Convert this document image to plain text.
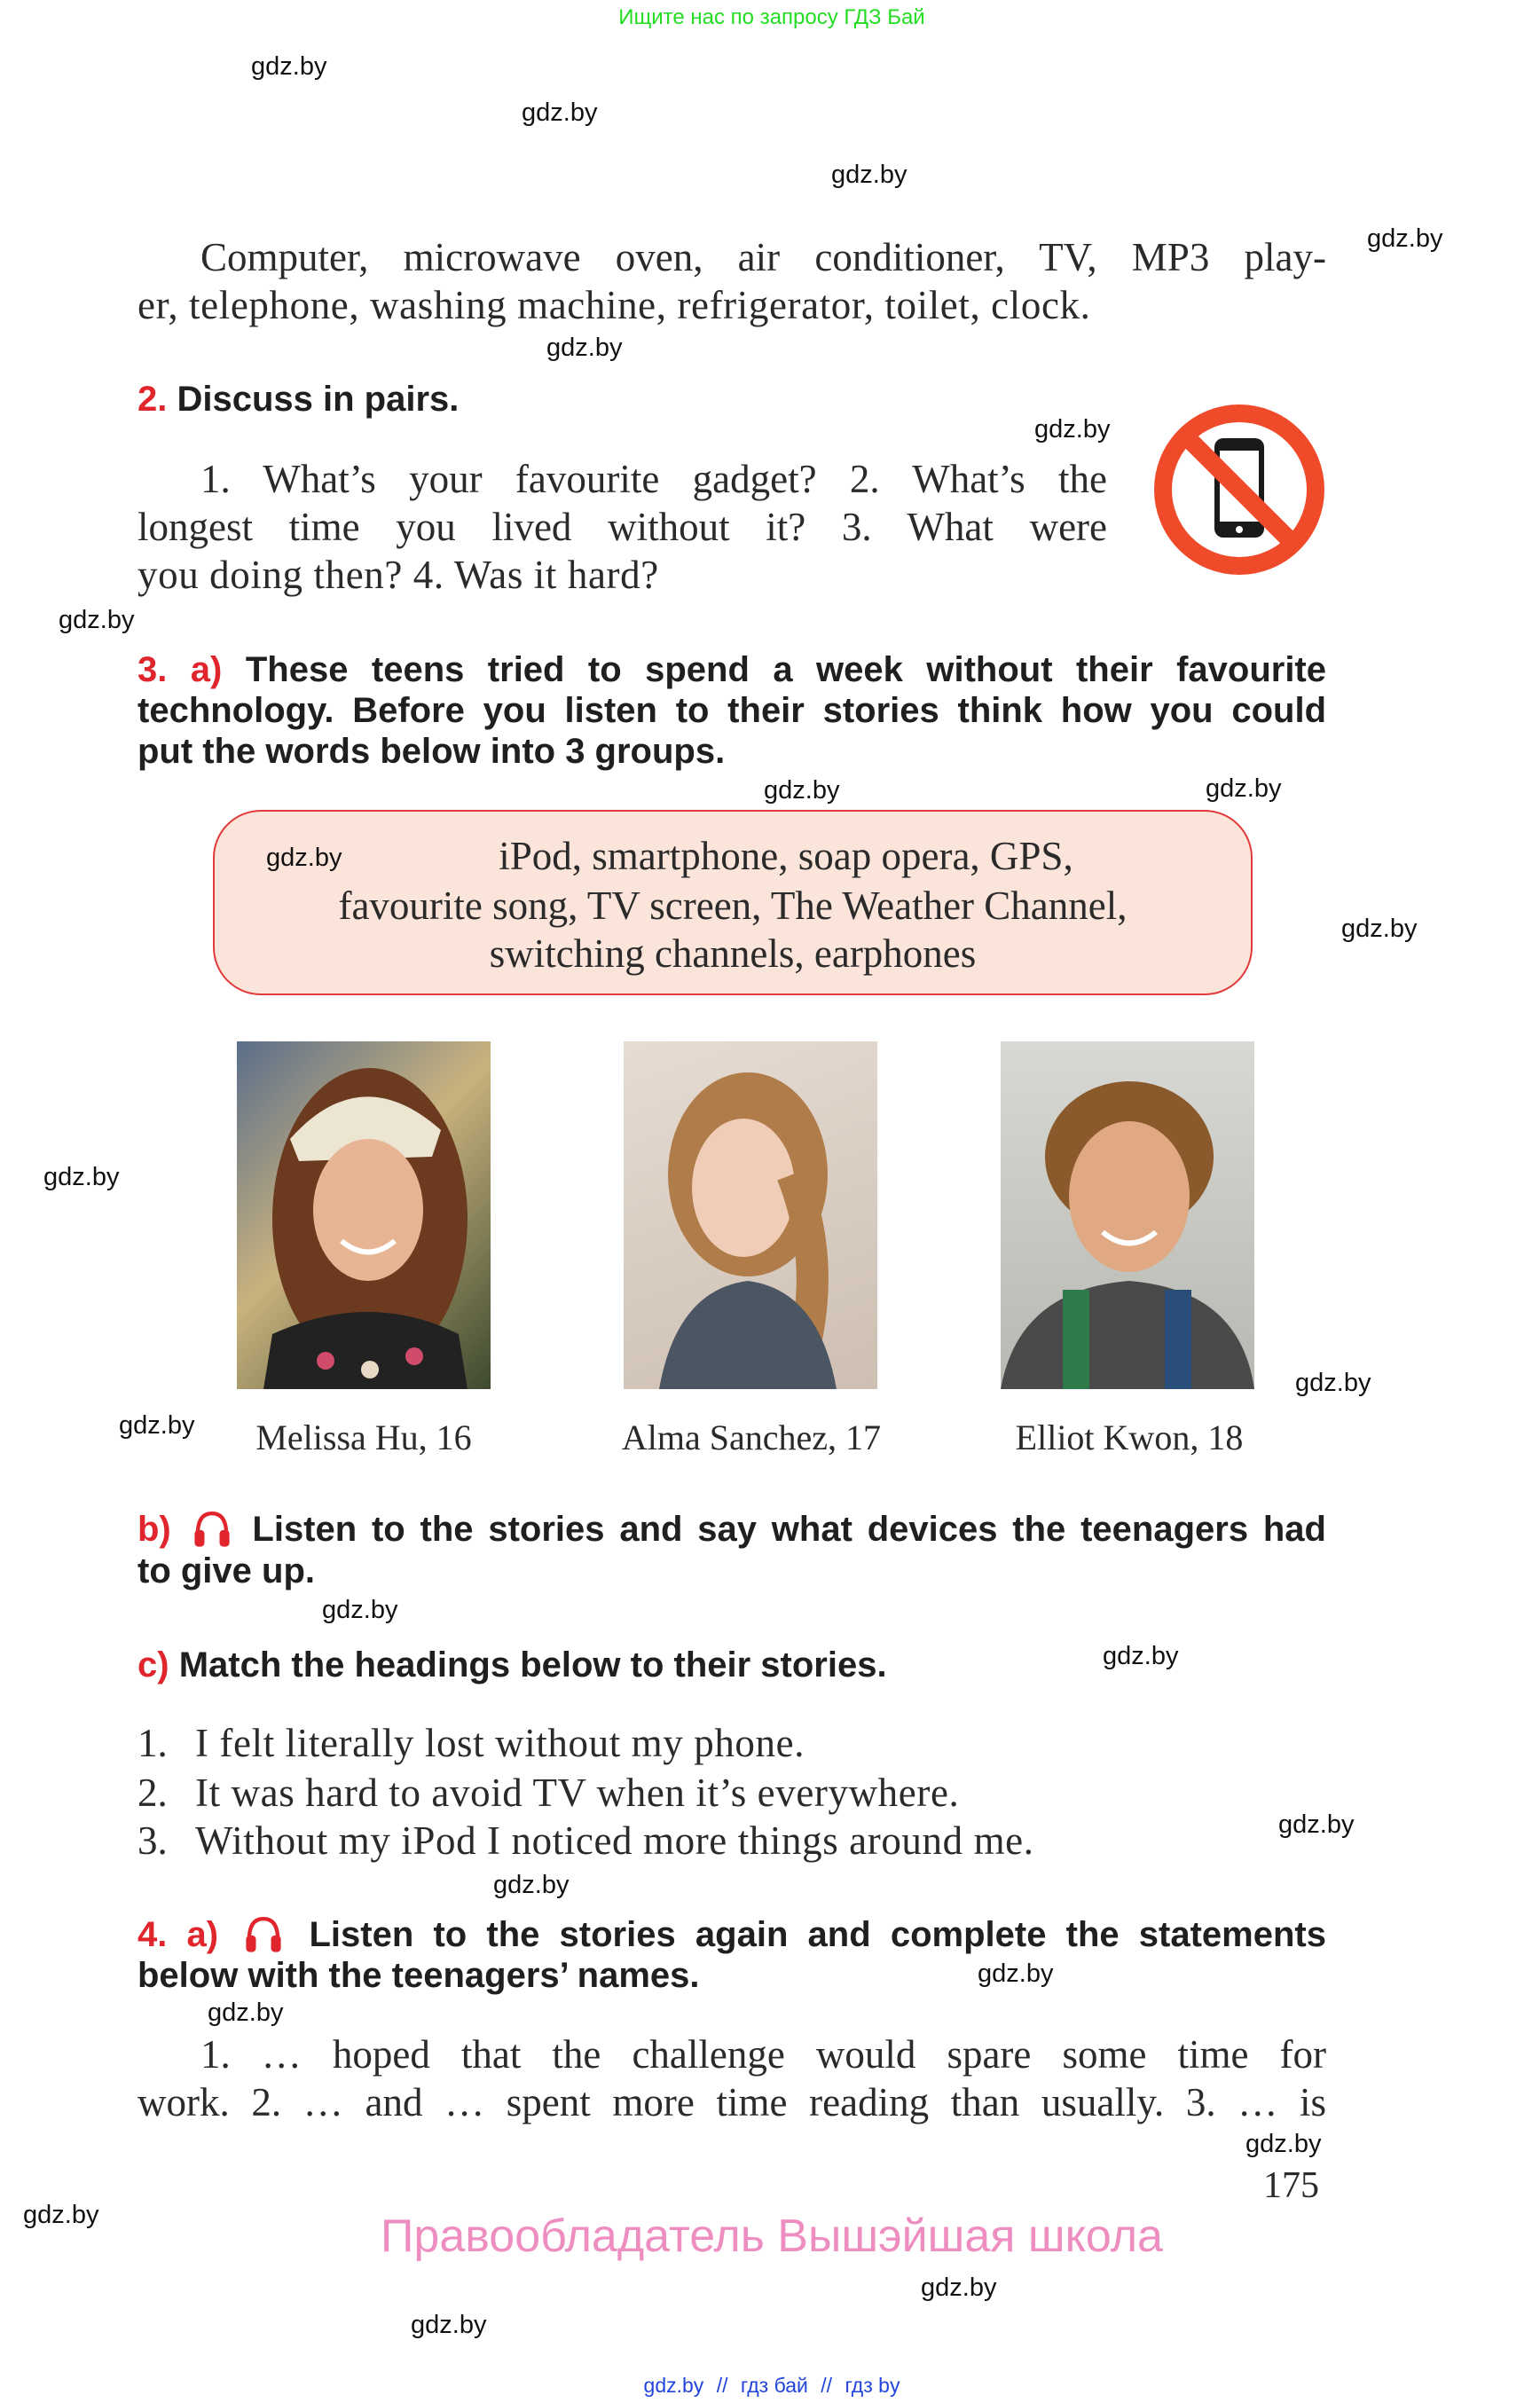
Ищите нас по запросу ГДЗ Бай
gdz.by
gdz.by
gdz.by
gdz.by
gdz.by
gdz.by
gdz.by
gdz.by
gdz.by
gdz.by
gdz.by
gdz.by
gdz.by
gdz.by
gdz.by
gdz.by
gdz.by
gdz.by
gdz.by
gdz.by
gdz.by
gdz.by
gdz.by
Computer, microwave oven, air conditioner, TV, MP3 play-
er, telephone, washing machine, refrigerator, toilet, clock.
2. Discuss in pairs.
1. What’s your favourite gadget? 2. What’s the
longest time you lived without it? 3. What were
you doing then? 4. Was it hard?
3. a) These teens tried to spend a week without their favourite
technology. Before you listen to their stories think how you could
put the words below into 3 groups.
iPod, smartphone, soap opera, GPS,
favourite song, TV screen, The Weather Channel,
switching channels, earphones
gdz.by
Melissa Hu, 16	Alma Sanchez, 17	Elliot Kwon, 18
b) Listen to the stories and say what devices the teenagers had
to give up.
c) Match the headings below to their stories.
1. I felt literally lost without my phone.
2. It was hard to avoid TV when it’s everywhere.
3. Without my iPod I noticed more things around me.
4. a)	Listen to the stories again and complete the statements
below with the teenagers’ names.
1. … hoped that the challenge would spare some time for
work. 2. … and … spent more time reading than usually. 3. … is
175
Правообладатель Вышэйшая школа
gdz.by // гдз бай // гдз by
